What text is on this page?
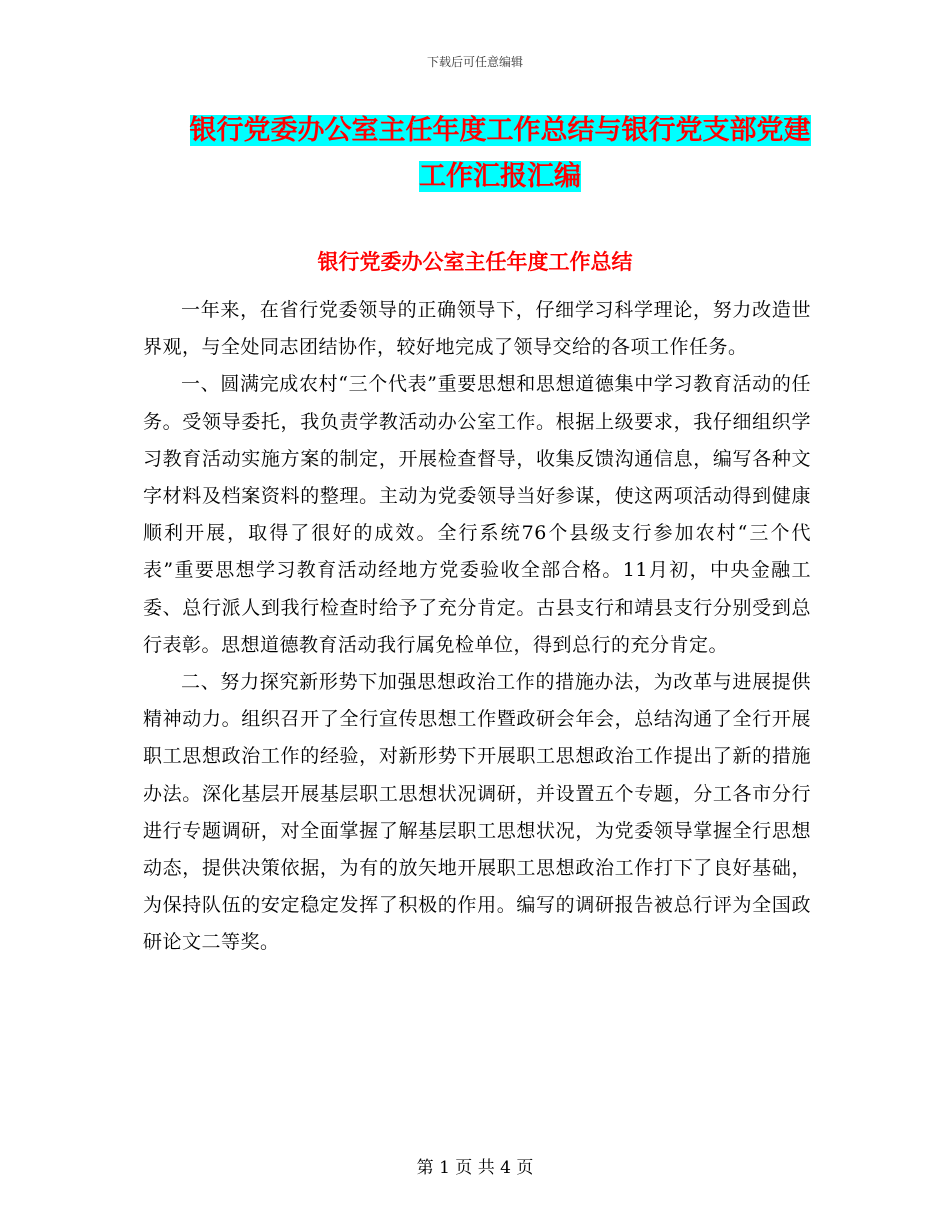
下载后可任意编辑
银行党委办公室主任年度工作总结与银行党支部党建
工作汇报汇编
银行党委办公室主任年度工作总结

一年来，在省行党委领导的正确领导下，仔细学习科学理论，努力改造世界观，与全处同志团结协作，较好地完成了领导交给的各项工作任务。

一、圆满完成农村“三个代表”重要思想和思想道德集中学习教育活动的任务。受领导委托，我负责学教活动办公室工作。根据上级要求，我仔细组织学习教育活动实施方案的制定，开展检查督导，收集反馈沟通信息，编写各种文字材料及档案资料的整理。主动为党委领导当好参谋，使这两项活动得到健康顺利开展，取得了很好的成效。全行系统76个县级支行参加农村“三个代表”重要思想学习教育活动经地方党委验收全部合格。11月初，中央金融工委、总行派人到我行检查时给予了充分肯定。古县支行和靖县支行分别受到总行表彰。思想道德教育活动我行属免检单位，得到总行的充分肯定。

二、努力探究新形势下加强思想政治工作的措施办法，为改革与进展提供精神动力。组织召开了全行宣传思想工作暨政研会年会，总结沟通了全行开展职工思想政治工作的经验，对新形势下开展职工思想政治工作提出了新的措施办法。深化基层开展基层职工思想状况调研，并设置五个专题，分工各市分行进行专题调研，对全面掌握了解基层职工思想状况，为党委领导掌握全行思想动态，提供决策依据，为有的放矢地开展职工思想政治工作打下了良好基础，为保持队伍的安定稳定发挥了积极的作用。编写的调研报告被总行评为全国政研论文二等奖。

第 1 页 共 4 页
